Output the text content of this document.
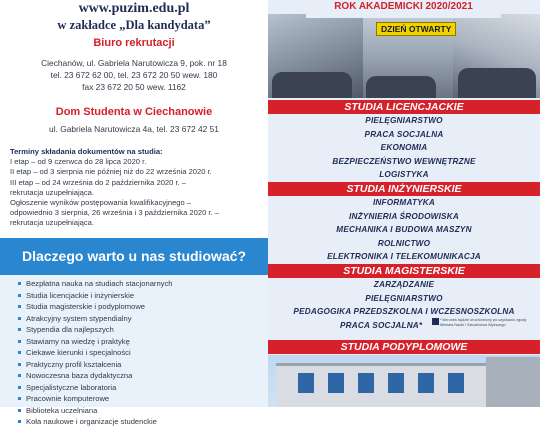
www.puzim.edu.pl
w zakładce „Dla kandydata”
Biuro rekrutacji
Ciechanów, ul. Gabriela Narutowicza 9, pok. nr 18
tel. 23 672 62 00, tel. 23 672 20 50 wew. 180
fax 23 672 20 50 wew. 1162
Dom Studenta w Ciechanowie
ul. Gabriela Narutowicza 4a, tel. 23 672 42 51
Terminy składania dokumentów na studia:
I etap – od 9 czerwca do 28 lipca 2020 r.
II etap – od 3 sierpnia nie później niż do 22 września 2020 r.
III etap – od 24 września do 2 października 2020 r. –
rekrutacja uzupełniająca.
Ogłoszenie wyników postępowania kwalifikacyjnego –
odpowiednio 3 sierpnia, 26 września i 3 października 2020 r. –
rekrutacja uzupełniająca.
Dlaczego warto u nas studiować?
Bezpłatna nauka na studiach stacjonarnych
Studia licencjackie i inżynierskie
Studia magisterskie i podyplomowe
Atrakcyjny system stypendialny
Stypendia dla najlepszych
Stawiamy na wiedzę i praktykę
Ciekawe kierunki i specjalności
Praktyczny profil kształcenia
Nowoczesna baza dydaktyczna
Specjalistyczne laboratoria
Pracownie komputerowe
Biblioteka uczelniana
Koła naukowe i organizacje studenckie
DZIEŃ OTWARTY
ROK AKADEMICKI 2020/2021
STUDIA LICENCJACKIE
PIELĘGNIARSTWO
PRACA SOCJALNA
EKONOMIA
BEZPIECZEŃSTWO WEWNĘTRZNE
LOGISTYKA
STUDIA INŻYNIERSKIE
INFORMATYKA
INŻYNIERIA ŚRODOWISKA
MECHANIKA I BUDOWA MASZYN
ROLNICTWO
ELEKTRONIKA I TELEKOMUNIKACJA
STUDIA MAGISTERSKIE
ZARZĄDZANIE
PIELĘGNIARSTWO
PEDAGOGIKA PRZEDSZKOLNA I WCZESNOSZKOLNA
PRACA SOCJALNA*
* kierunek będzie uruchomiony po uzyskaniu zgody Ministra Nauki i Szkolnictwa Wyższego
STUDIA PODYPLOMOWE
